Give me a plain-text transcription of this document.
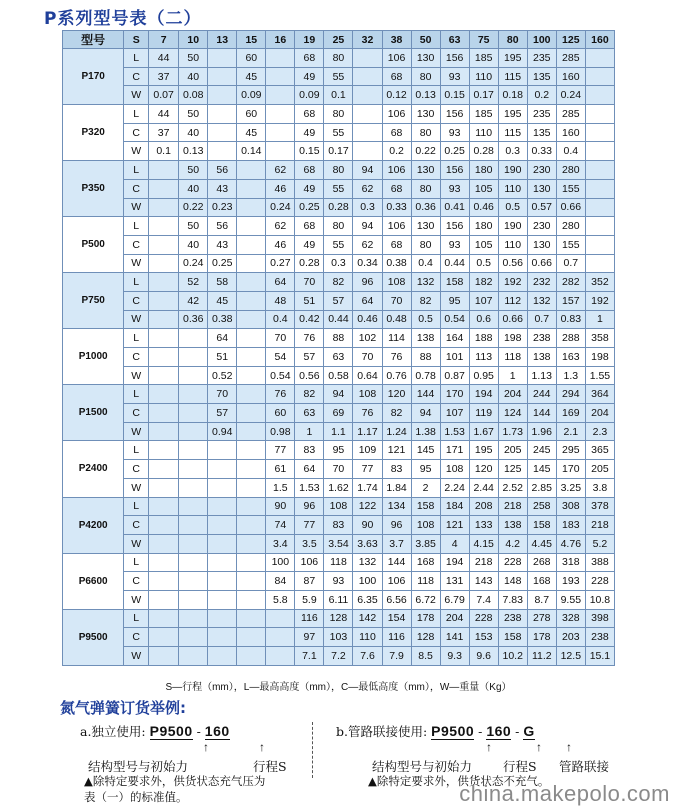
P系列型号表（二）
型号	S	7	10	13	15	16	19	25	32	38	50	63	75	80	100	125	160
P170	L	44	50		60		68	80		106	130	156	185	195	235	285	
	C	37	40		45		49	55		68	80	93	110	115	135	160	
	W	0.07	0.08		0.09		0.09	0.1		0.12	0.13	0.15	0.17	0.18	0.2	0.24	
P320	L	44	50		60		68	80		106	130	156	185	195	235	285	
	C	37	40		45		49	55		68	80	93	110	115	135	160	
	W	0.1	0.13		0.14		0.15	0.17		0.2	0.22	0.25	0.28	0.3	0.33	0.4	
P350	L		50	56		62	68	80	94	106	130	156	180	190	230	280	
	C		40	43		46	49	55	62	68	80	93	105	110	130	155	
	W		0.22	0.23		0.24	0.25	0.28	0.3	0.33	0.36	0.41	0.46	0.5	0.57	0.66	
P500	L		50	56		62	68	80	94	106	130	156	180	190	230	280	
	C		40	43		46	49	55	62	68	80	93	105	110	130	155	
	W		0.24	0.25		0.27	0.28	0.3	0.34	0.38	0.4	0.44	0.5	0.56	0.66	0.7	
P750	L		52	58		64	70	82	96	108	132	158	182	192	232	282	352
	C		42	45		48	51	57	64	70	82	95	107	112	132	157	192
	W		0.36	0.38		0.4	0.42	0.44	0.46	0.48	0.5	0.54	0.6	0.66	0.7	0.83	1
P1000	L			64		70	76	88	102	114	138	164	188	198	238	288	358
	C			51		54	57	63	70	76	88	101	113	118	138	163	198
	W			0.52		0.54	0.56	0.58	0.64	0.76	0.78	0.87	0.95	1	1.13	1.3	1.55
P1500	L			70		76	82	94	108	120	144	170	194	204	244	294	364
	C			57		60	63	69	76	82	94	107	119	124	144	169	204
	W			0.94		0.98	1	1.1	1.17	1.24	1.38	1.53	1.67	1.73	1.96	2.1	2.3
P2400	L					77	83	95	109	121	145	171	195	205	245	295	365
	C					61	64	70	77	83	95	108	120	125	145	170	205
	W					1.5	1.53	1.62	1.74	1.84	2	2.24	2.44	2.52	2.85	3.25	3.8
P4200	L					90	96	108	122	134	158	184	208	218	258	308	378
	C					74	77	83	90	96	108	121	133	138	158	183	218
	W					3.4	3.5	3.54	3.63	3.7	3.85	4	4.15	4.2	4.45	4.76	5.2
P6600	L					100	106	118	132	144	168	194	218	228	268	318	388
	C					84	87	93	100	106	118	131	143	148	168	193	228
	W					5.8	5.9	6.11	6.35	6.56	6.72	6.79	7.4	7.83	8.7	9.55	10.8
P9500	L						116	128	142	154	178	204	228	238	278	328	398
	C						97	103	110	116	128	141	153	158	178	203	238
	W						7.1	7.2	7.6	7.9	8.5	9.3	9.6	10.2	11.2	12.5	15.1
S—行程（mm），L—最高高度（mm），C—最低高度（mm），W—重量（Kg）
氮气弹簧订货举例:
a.独立使用: P9500 - 160
↑	↑
结构型号与初始力	行程S
▲除特定要求外，供货状态充气压为
表（一）的标准值。
b.管路联接使用: P9500 - 160 - G
↑	↑ ↑
结构型号与初始力 行程S 管路联接
▲除特定要求外，供货状态不充气。
china.makepolo.com
